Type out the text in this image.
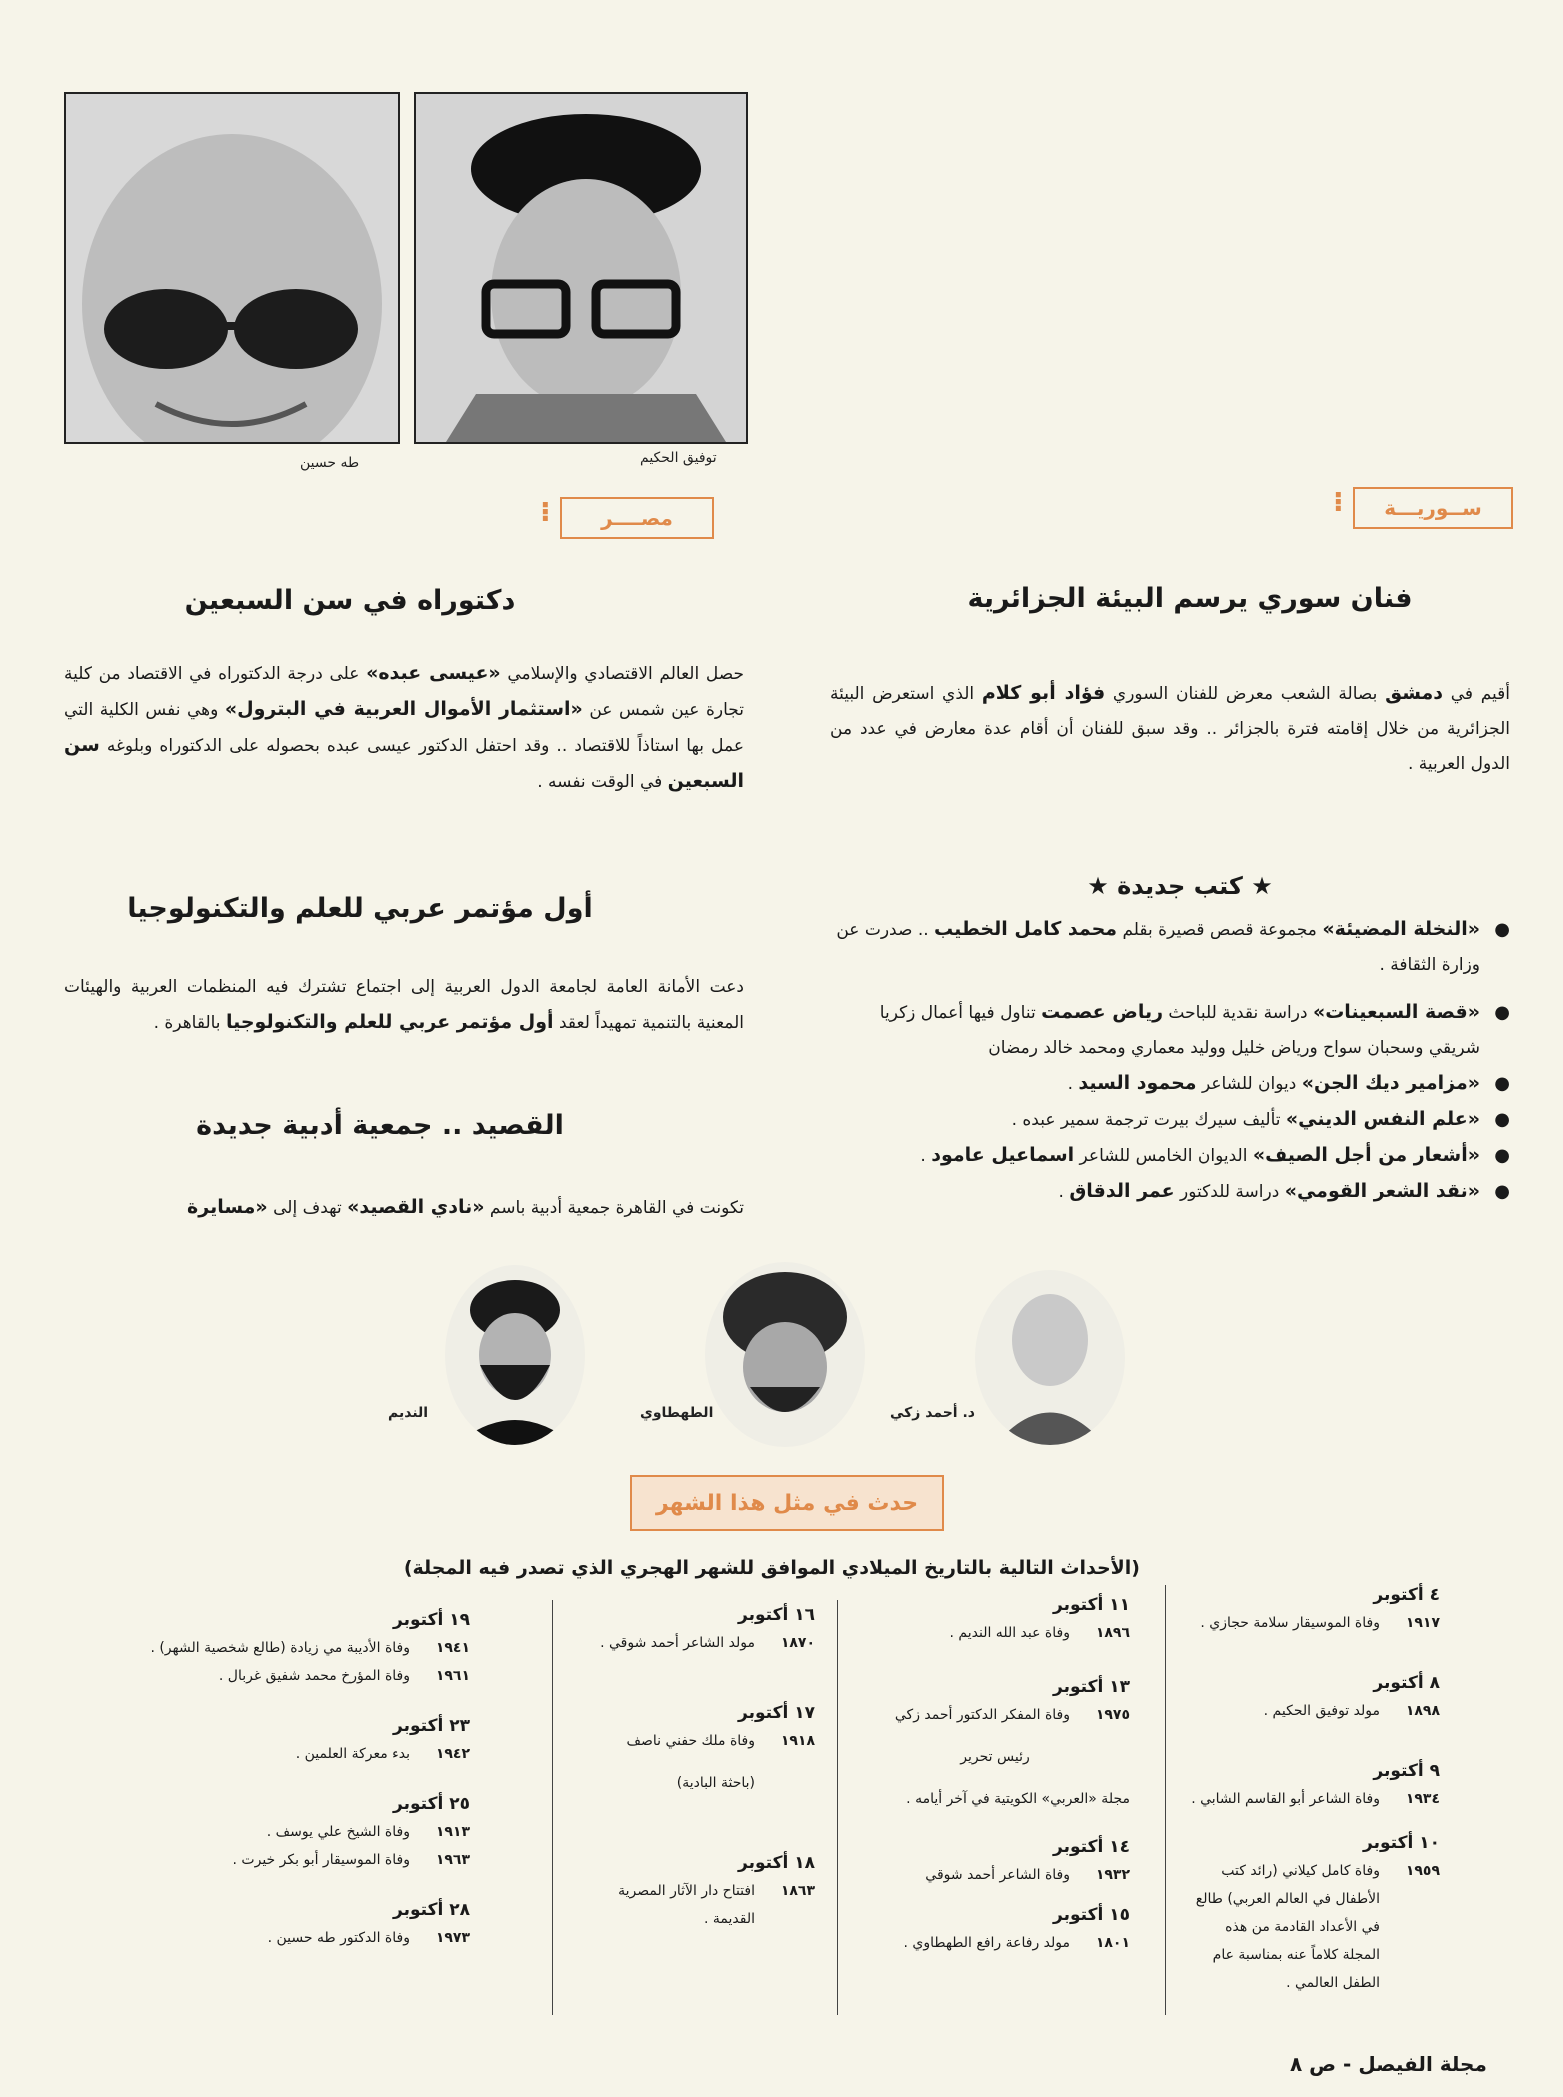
طه حسين	توفيق الحكيم
مصــــر
⁝	ســوريـــة
⁝
دكتوراه في سن السبعين
حصل العالم الاقتصادي والإسلامي «عيسى عبده» على درجة الدكتوراه في الاقتصاد من كلية تجارة عين شمس عن «استثمار الأموال العربية في البترول» وهي نفس الكلية التي عمل بها استاذاً للاقتصاد .. وقد احتفل الدكتور عيسى عبده بحصوله على الدكتوراه وبلوغه سن السبعين في الوقت نفسه .
أول مؤتمر عربي للعلم والتكنولوجيا
دعت الأمانة العامة لجامعة الدول العربية إلى اجتماع تشترك فيه المنظمات العربية والهيئات المعنية بالتنمية تمهيداً لعقد أول مؤتمر عربي للعلم والتكنولوجيا بالقاهرة .
القصيد .. جمعية أدبية جديدة
تكونت في القاهرة جمعية أدبية باسم «نادي القصيد» تهدف إلى «مسايرة
فنان سوري يرسم البيئة الجزائرية
أقيم في دمشق بصالة الشعب معرض للفنان السوري فؤاد أبو كلام الذي استعرض البيئة الجزائرية من خلال إقامته فترة بالجزائر .. وقد سبق للفنان أن أقام عدة معارض في عدد من الدول العربية .
★ كتب جديدة ★
● «النخلة المضيئة» مجموعة قصص قصيرة بقلم محمد كامل الخطيب .. صدرت عن وزارة الثقافة .
● «قصة السبعينات» دراسة نقدية للباحث رياض عصمت تناول فيها أعمال زكريا شريقي وسحبان سواح ورياض خليل ووليد معماري ومحمد خالد رمضان
● «مزامير ديك الجن» ديوان للشاعر محمود السيد .
● «علم النفس الديني» تأليف سيرك بيرت ترجمة سمير عبده .
● «أشعار من أجل الصيف» الديوان الخامس للشاعر اسماعيل عامود .
● «نقد الشعر القومي» دراسة للدكتور عمر الدقاق .
د. أحمد زكي
الطهطاوي
النديم
حدث في مثل هذا الشهر
(الأحداث التالية بالتاريخ الميلادي الموافق للشهر الهجري الذي تصدر فيه المجلة)
٤ أكتوبر
١٩١٧
وفاة الموسيقار سلامة حجازي .
٨ أكتوبر
١٨٩٨
مولد توفيق الحكيم .
٩ أكتوبر
١٩٣٤
وفاة الشاعر أبو القاسم الشابي .
١٠ أكتوبر
١٩٥٩
وفاة كامل كيلاني (رائد كتب الأطفال في العالم العربي) طالع في الأعداد القادمة من هذه المجلة كلاماً عنه بمناسبة عام الطفل العالمي .
١١ أكتوبر
١٨٩٦
وفاة عبد الله النديم .
١٣ أكتوبر
١٩٧٥
وفاة المفكر الدكتور أحمد زكي
رئيس تحرير
مجلة «العربي» الكويتية في آخر أيامه .
١٤ أكتوبر
١٩٣٢
وفاة الشاعر أحمد شوقي
١٥ أكتوبر
١٨٠١
مولد رفاعة رافع الطهطاوي .
١٦ أكتوبر
١٨٧٠
مولد الشاعر أحمد شوقي .
١٧ أكتوبر
١٩١٨
وفاة ملك حفني ناصف
(باحثة البادية)
١٨ أكتوبر
١٨٦٣
افتتاح دار الآثار المصرية القديمة .
١٩ أكتوبر
١٩٤١
وفاة الأديبة مي زيادة (طالع شخصية الشهر) .
١٩٦١
وفاة المؤرخ محمد شفيق غربال .
٢٣ أكتوبر
١٩٤٢
بدء معركة العلمين .
٢٥ أكتوبر
١٩١٣
وفاة الشيخ علي يوسف .
١٩٦٣
وفاة الموسيقار أبو بكر خيرت .
٢٨ أكتوبر
١٩٧٣
وفاة الدكتور طه حسين .
مجلة الفيصل - ص ٨
